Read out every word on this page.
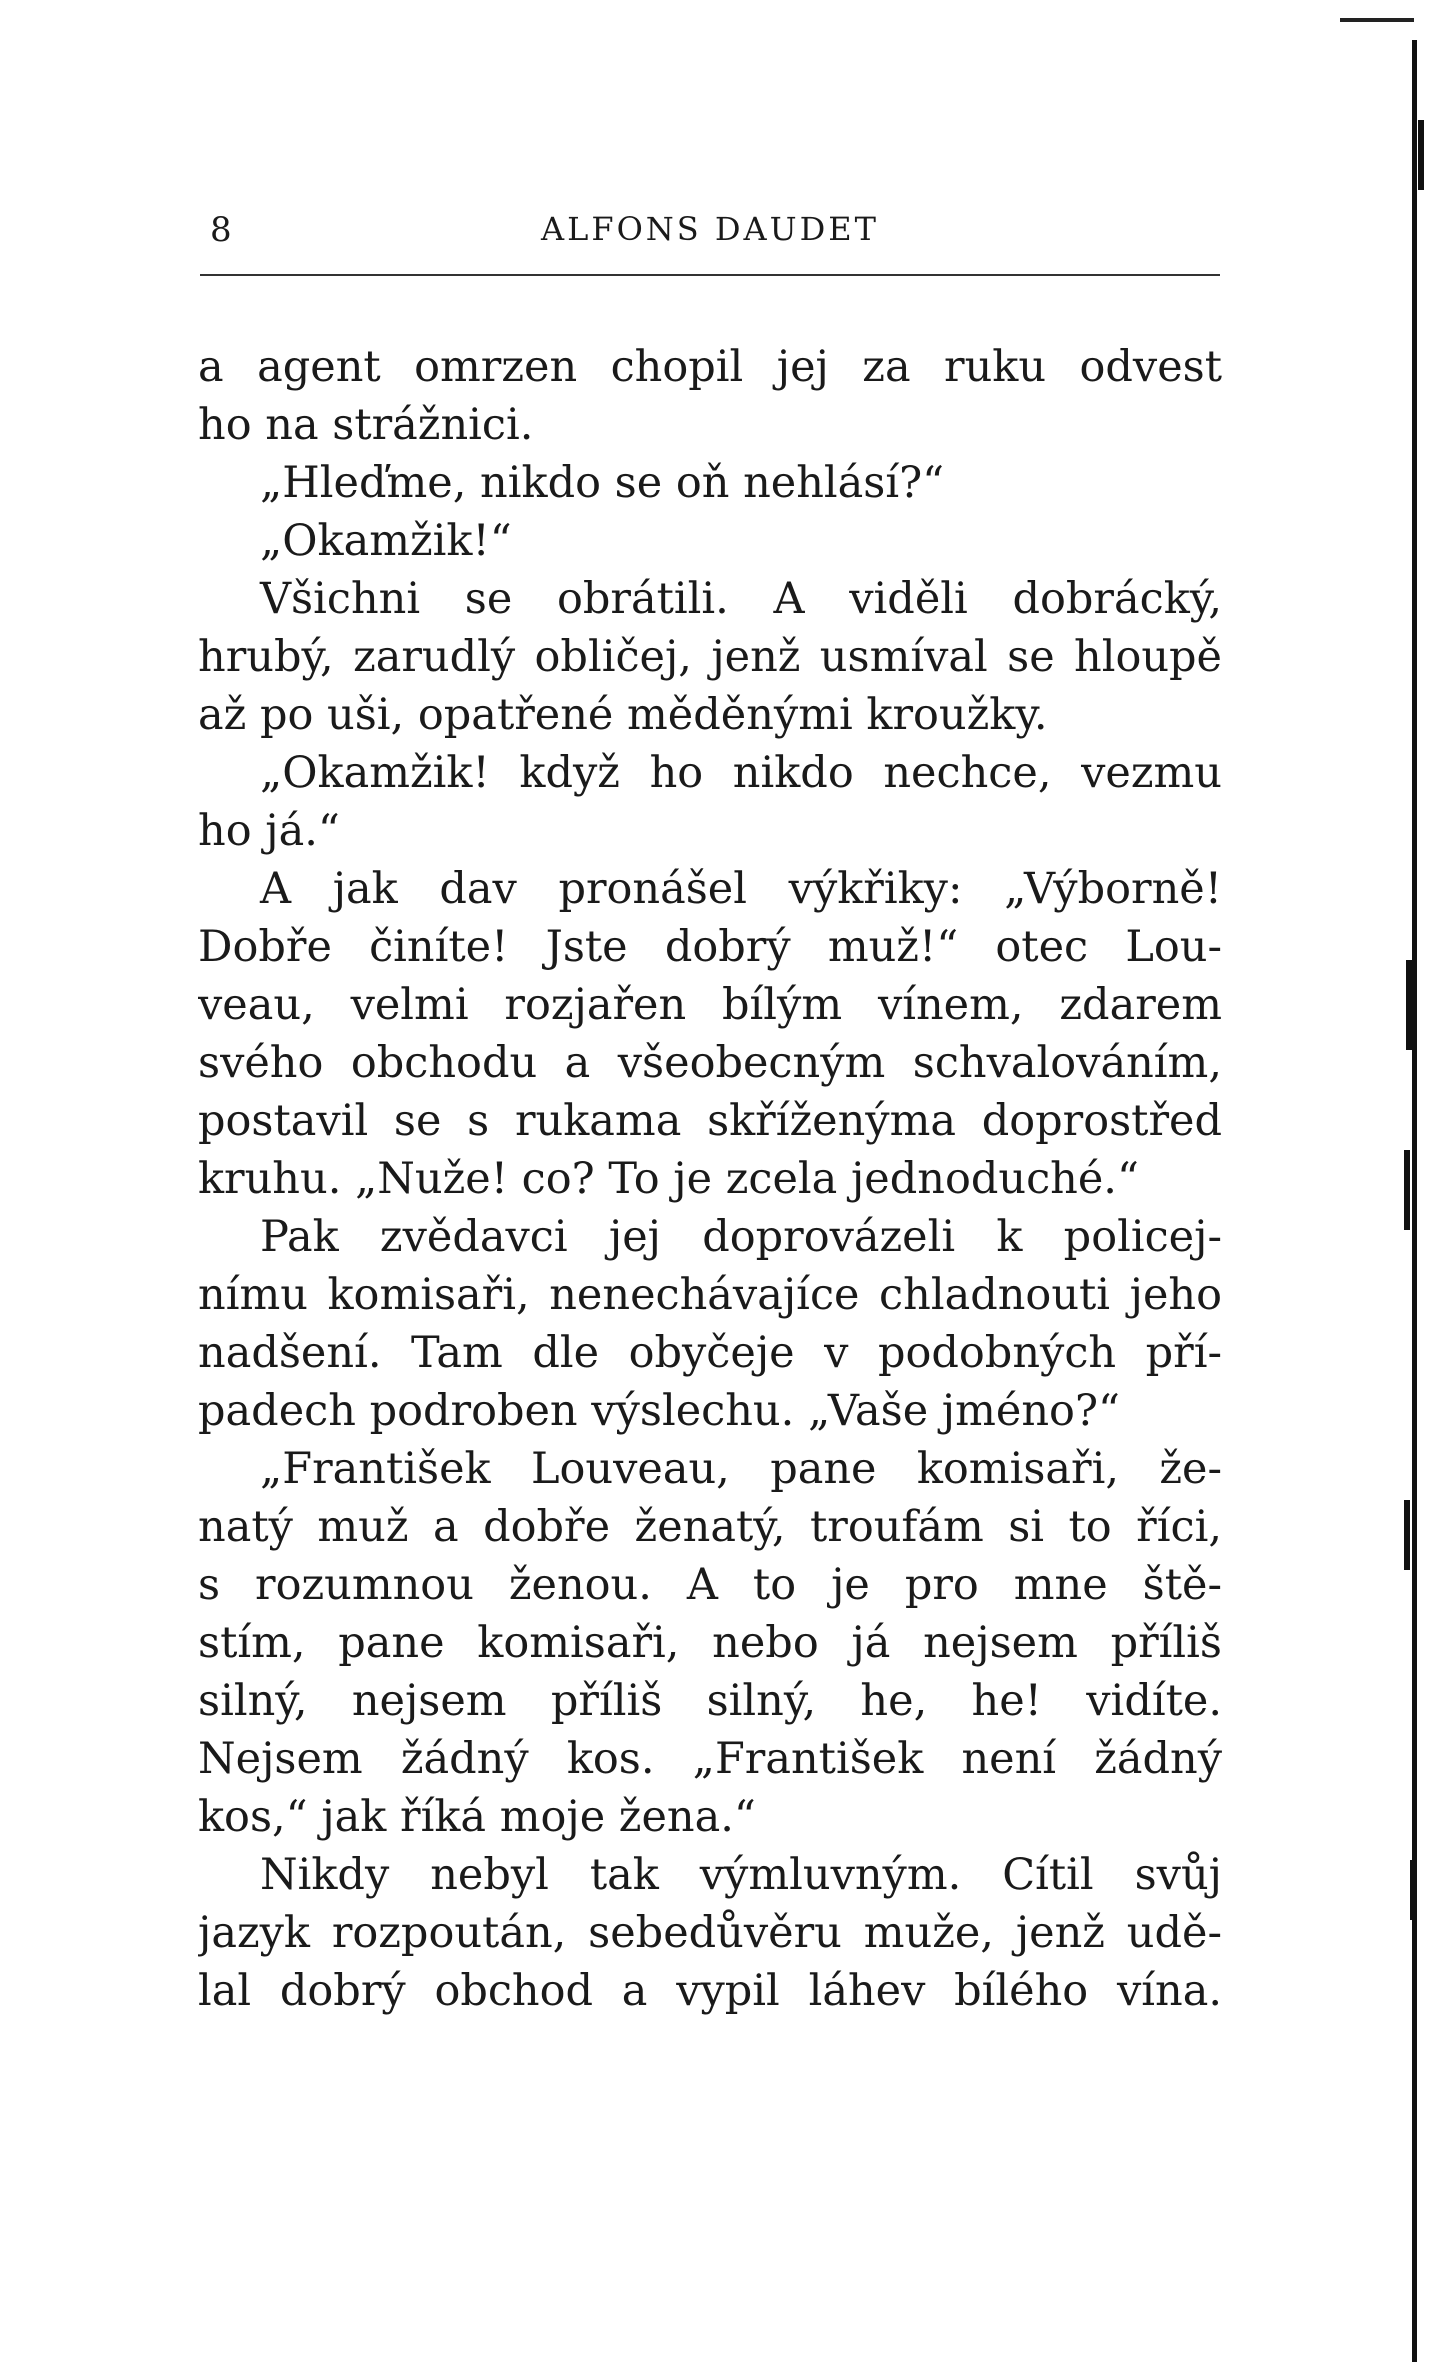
8	ALFONS DAUDET
a agent omrzen chopil jej za ruku odvest
ho na strážnici.
„Hleďme, nikdo se oň nehlásí?“
„Okamžik!“
Všichni se obrátili. A viděli dobrácký,
hrubý, zarudlý obličej, jenž usmíval se hloupě
až po uši, opatřené měděnými kroužky.
„Okamžik! když ho nikdo nechce, vezmu
ho já.“
A jak dav pronášel výkřiky: „Výborně!
Dobře činíte! Jste dobrý muž!“ otec Lou-
veau, velmi rozjařen bílým vínem, zdarem
svého obchodu a všeobecným schvalováním,
postavil se s rukama skříženýma doprostřed
kruhu. „Nuže! co? To je zcela jednoduché.“
Pak zvědavci jej doprovázeli k policej-
nímu komisaři, nenechávajíce chladnouti jeho
nadšení. Tam dle obyčeje v podobných pří-
padech podroben výslechu. „Vaše jméno?“
„František Louveau, pane komisaři, že-
natý muž a dobře ženatý, troufám si to říci,
s rozumnou ženou. A to je pro mne ště-
stím, pane komisaři, nebo já nejsem příliš
silný, nejsem příliš silný, he, he! vidíte.
Nejsem žádný kos. „František není žádný
kos,“ jak říká moje žena.“
Nikdy nebyl tak výmluvným. Cítil svůj
jazyk rozpoután, sebedůvěru muže, jenž udě-
lal dobrý obchod a vypil láhev bílého vína.
